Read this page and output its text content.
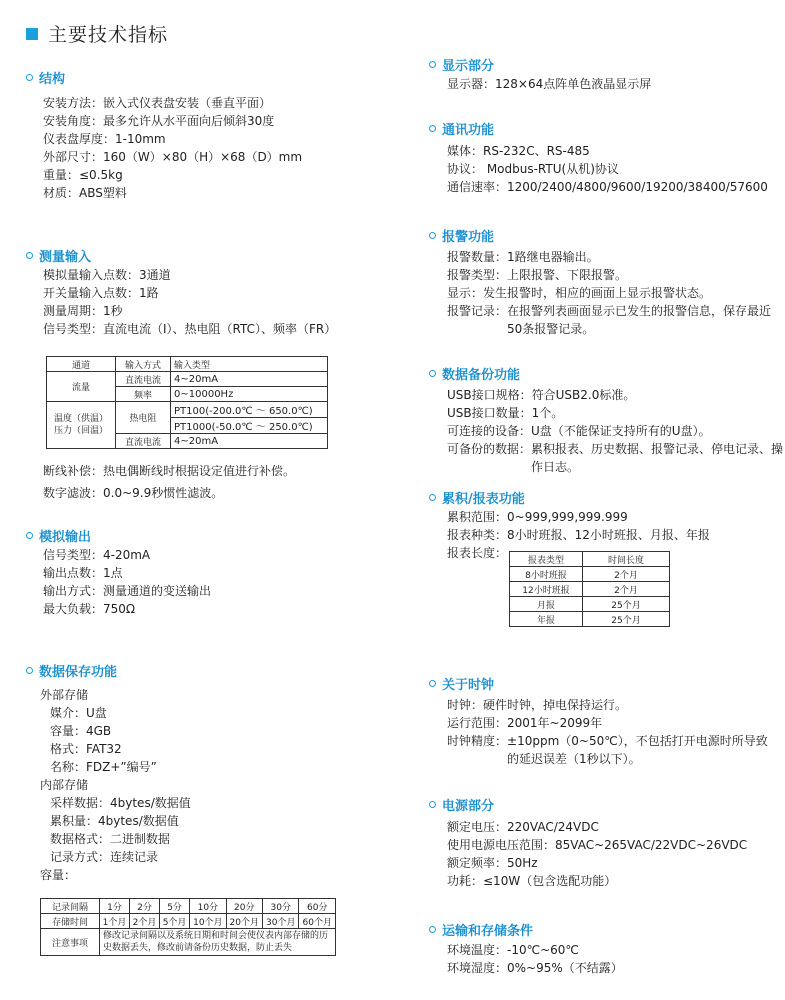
主要技术指标
结构
安装方法：嵌入式仪表盘安装（垂直平面）
安装角度：最多允许从水平面向后倾斜30度
仪表盘厚度：1-10mm
外部尺寸：160（W）×80（H）×68（D）mm
重量：≤0.5kg
材质：ABS塑料
测量输入
模拟量输入点数：3通道
开关量输入点数：1路
测量周期：1秒
信号类型：直流电流（I）、热电阻（RTC）、频率（FR）
通道	输入方式	输入类型
流量	直流电流	4~20mA
	频率	0~10000Hz
温度（供温）压力（回温）	热电阻	PT100(-200.0℃ ～ 650.0℃)
		PT1000(-50.0℃ ～ 250.0℃)
	直流电流	4~20mA
断线补偿：热电偶断线时根据设定值进行补偿。
数字滤波：0.0~9.9秒惯性滤波。
模拟输出
信号类型：4-20mA
输出点数：1点
输出方式：测量通道的变送输出
最大负载：750Ω
数据保存功能
外部存储
媒介：U盘
容量：4GB
格式：FAT32
名称：FDZ+”编号”
内部存储
采样数据：4bytes/数据值
累积量：4bytes/数据值
数据格式：二进制数据
记录方式：连续记录
容量：
记录间隔	1分	2分	5分	10分	20分	30分	60分
存储时间	1个月	2个月	5个月	10个月	20个月	30个月	60个月
注意事项	修改记录间隔以及系统日期和时间会使仪表内部存储的历史数据丢失，修改前请备份历史数据，防止丢失						
显示部分
显示器：128×64点阵单色液晶显示屏
通讯功能
媒体：RS-232C、RS-485
协议： Modbus-RTU(从机)协议
通信速率：1200/2400/4800/9600/19200/38400/57600
报警功能
报警数量：1路继电器输出。
报警类型：上限报警、下限报警。
显示：发生报警时，相应的画面上显示报警状态。
报警记录： 在报警列表画面显示已发生的报警信息，保存最近50条报警记录。
数据备份功能
USB接口规格：符合USB2.0标准。
USB接口数量：1个。
可连接的设备：U盘（不能保证支持所有的U盘）。
可备份的数据： 累积报表、历史数据、报警记录、停电记录、操作日志。
累积/报表功能
累积范围：0~999,999,999.999
报表种类：8小时班报、12小时班报、月报、年报
报表长度：
报表类型	时间长度
8小时班报	2个月
12小时班报	2个月
月报	25个月
年报	25个月
关于时钟
时钟：硬件时钟，掉电保持运行。
运行范围：2001年~2099年
时钟精度： ±10ppm（0~50℃），不包括打开电源时所导致的延迟误差（1秒以下）。
电源部分
额定电压：220VAC/24VDC
使用电源电压范围：85VAC~265VAC/22VDC~26VDC
额定频率：50Hz
功耗：≤10W（包含选配功能）
运输和存储条件
环境温度：-10℃~60℃
环境湿度：0%~95%（不结露）
